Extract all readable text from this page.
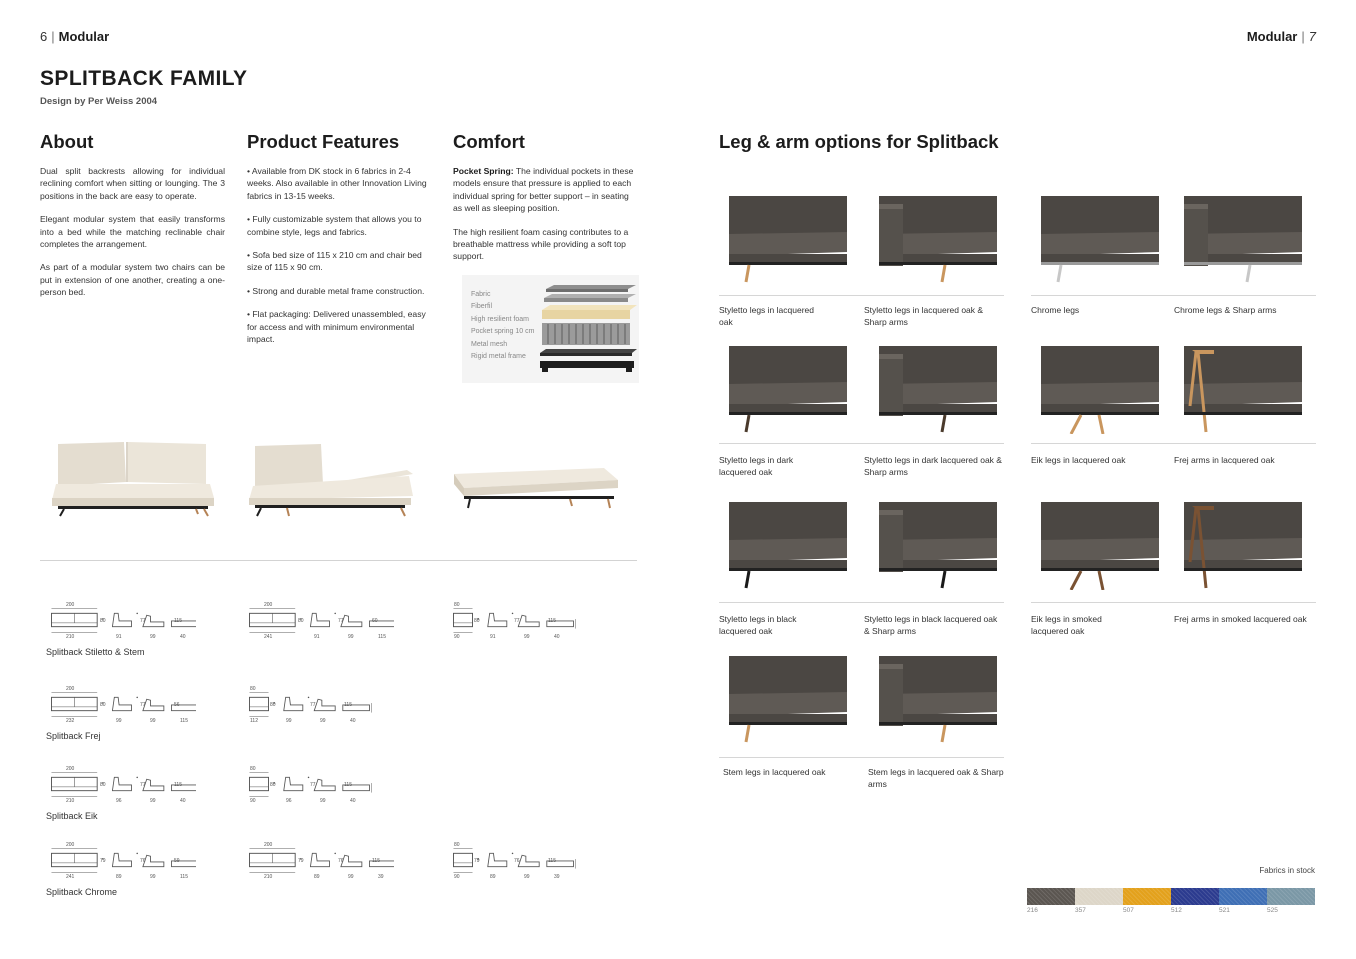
6 | Modular
SPLITBACK FAMILY
Design by Per Weiss 2004
About

Dual split backrests allowing for individual reclining comfort when sitting or lounging. The 3 positions in the back are easy to operate.

Elegant modular system that easily transforms into a bed while the matching reclinable chair completes the arrangement.

As part of a modular system two chairs can be put in extension of one another, creating a one-person bed.

Product Features

• Available from DK stock in 6 fabrics in 2-4 weeks. Also available in other Innovation Living fabrics in 13-15 weeks.

• Fully customizable system that allows you to combine style, legs and fabrics.

• Sofa bed size of 115 x 210 cm and chair bed size of 115 x 90 cm.

• Strong and durable metal frame construction.

• Flat packaging: Delivered unassembled, easy for access and with minimum environmental impact.

Comfort

Pocket Spring: The individual pockets in these models ensure that pressure is applied to each individual spring for better support – in seating as well as sleeping position.

The high resilient foam casing contributes to a breathable mattress while providing a soft top support.

Fabric
Fiberfil
High resilient foam
Pocket spring 10 cm
Metal mesh
Rigid metal frame
200
80
210	91
77
99
115
40
200
80
241	91
77
99
60
115
80
80
90	91
77
99
115
40
Splitback Stiletto & Stem
200
80
232	99
77
99
56
115
80
80
112	99
77
99
115
40
Splitback Frej
200
80
210	96
77
99
115
40
80
80
90	96
77
99
115
40
Splitback Eik
200
79
241	89
76
99
59
115
200
79
210	89
76
99
115
39
80
79
90	89
76
99
115
39
Splitback Chrome
Modular | 7
Leg & arm options for Splitback
Styletto legs in lacquered oak
Styletto legs in lacquered oak & Sharp arms
Chrome legs	Chrome legs & Sharp arms
Styletto legs in dark lacquered oak
Styletto legs in dark lacquered oak & Sharp arms
Eik legs in lacquered oak	Frej arms in lacquered oak
Styletto legs in black lacquered oak
Styletto legs in black lacquered oak & Sharp arms
Eik legs in smoked lacquered oak
Frej arms in smoked lacquered oak
Stem legs in lacquered oak	Stem legs in lacquered oak & Sharp arms
Fabrics in stock
216	357	507	512	521	525
